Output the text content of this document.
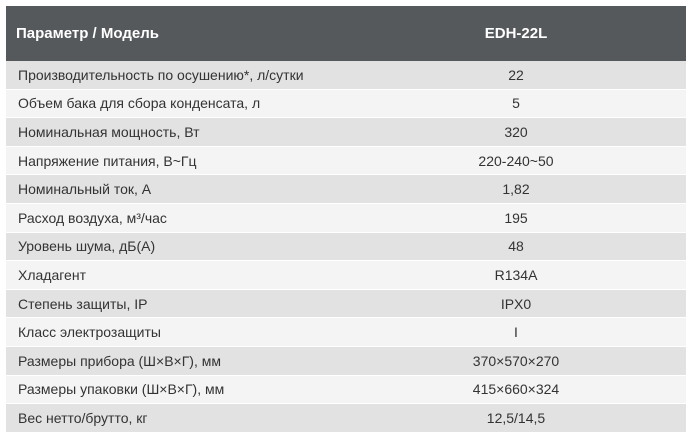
Параметр / Модель	EDH-22L
Производительность по осушению*, л/сутки	22
Объем бака для сбора конденсата, л	5
Номинальная мощность, Вт	320
Напряжение питания, В~Гц	220-240~50
Номинальный ток, А	1,82
Расход воздуха, м³/час	195
Уровень шума, дБ(А)	48
Хладагент	R134A
Степень защиты, IP	IPX0
Класс электрозащиты	I
Размеры прибора (Ш×В×Г), мм	370×570×270
Размеры упаковки (Ш×В×Г), мм	415×660×324
Вес нетто/брутто, кг	12,5/14,5
